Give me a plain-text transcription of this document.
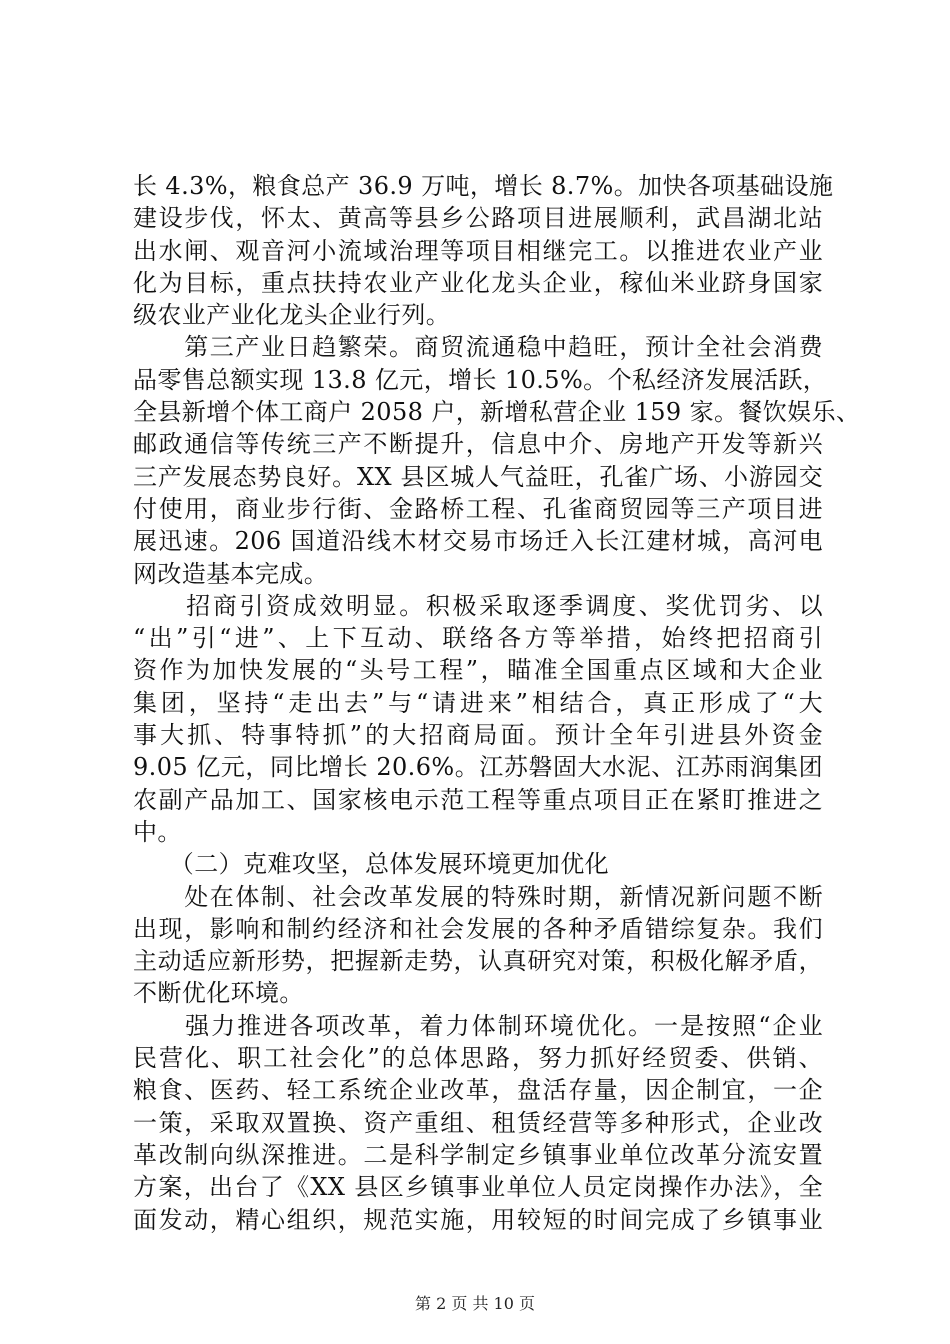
长 4.3%，粮食总产 36.9 万吨，增长 8.7%。加快各项基础设施
建设步伐，怀太、黄高等县乡公路项目进展顺利，武昌湖北站
出水闸、观音河小流域治理等项目相继完工。以推进农业产业
化为目标，重点扶持农业产业化龙头企业，稼仙米业跻身国家
级农业产业化龙头企业行列。
　　第三产业日趋繁荣。商贸流通稳中趋旺，预计全社会消费
品零售总额实现 13.8 亿元，增长 10.5%。个私经济发展活跃，
全县新增个体工商户 2058 户，新增私营企业 159 家。餐饮娱乐、
邮政通信等传统三产不断提升，信息中介、房地产开发等新兴
三产发展态势良好。XX 县区城人气益旺，孔雀广场、小游园交
付使用，商业步行街、金路桥工程、孔雀商贸园等三产项目进
展迅速。206 国道沿线木材交易市场迁入长江建材城，高河电
网改造基本完成。
　　招商引资成效明显。积极采取逐季调度、奖优罚劣、以
“出”引“进”、上下互动、联络各方等举措，始终把招商引
资作为加快发展的“头号工程”，瞄准全国重点区域和大企业
集团，坚持“走出去”与“请进来”相结合，真正形成了“大
事大抓、特事特抓”的大招商局面。预计全年引进县外资金
9.05 亿元，同比增长 20.6%。江苏磐固大水泥、江苏雨润集团
农副产品加工、国家核电示范工程等重点项目正在紧盯推进之
中。
　　（二）克难攻坚，总体发展环境更加优化
　　处在体制、社会改革发展的特殊时期，新情况新问题不断
出现，影响和制约经济和社会发展的各种矛盾错综复杂。我们
主动适应新形势，把握新走势，认真研究对策，积极化解矛盾，
不断优化环境。
　　强力推进各项改革，着力体制环境优化。一是按照“企业
民营化、职工社会化”的总体思路，努力抓好经贸委、供销、
粮食、医药、轻工系统企业改革，盘活存量，因企制宜，一企
一策，采取双置换、资产重组、租赁经营等多种形式，企业改
革改制向纵深推进。二是科学制定乡镇事业单位改革分流安置
方案，出台了《XX 县区乡镇事业单位人员定岗操作办法》，全
面发动，精心组织，规范实施，用较短的时间完成了乡镇事业
第 2 页 共 10 页
